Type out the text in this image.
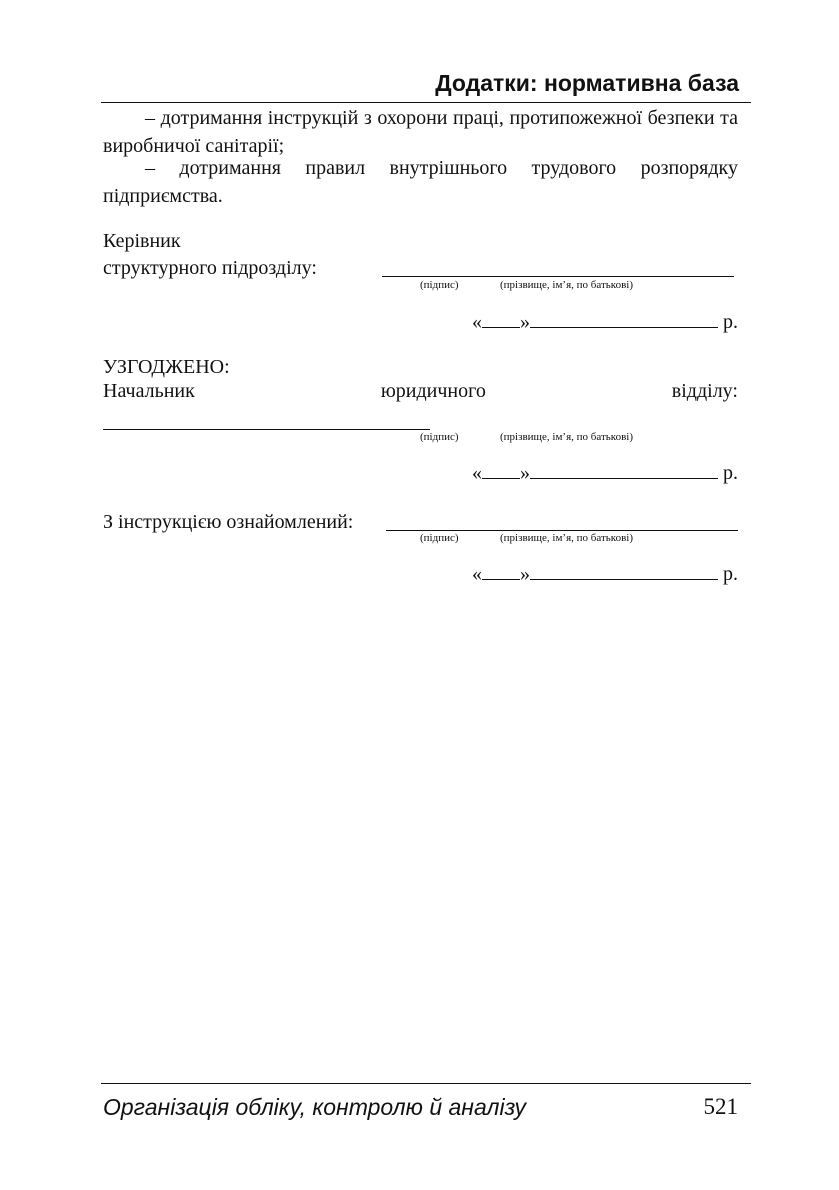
Додатки: нормативна база
– дотримання інструкцій з охорони праці, протипожежної безпеки та виробничої санітарії;
– дотримання правил внутрішнього трудового розпорядку підприємства.
Керівник
структурного підрозділу:
(підпис)	(прізвище, ім’я, по батькові)
« »	р.
УЗГОДЖЕНО:
Начальник	юридичного	відділу:
(підпис)	(прізвище, ім’я, по батькові)
« »	р.
З інструкцією ознайомлений:
(підпис)	(прізвище, ім’я, по батькові)
« »	р.
Організація обліку, контролю й аналізу	521
